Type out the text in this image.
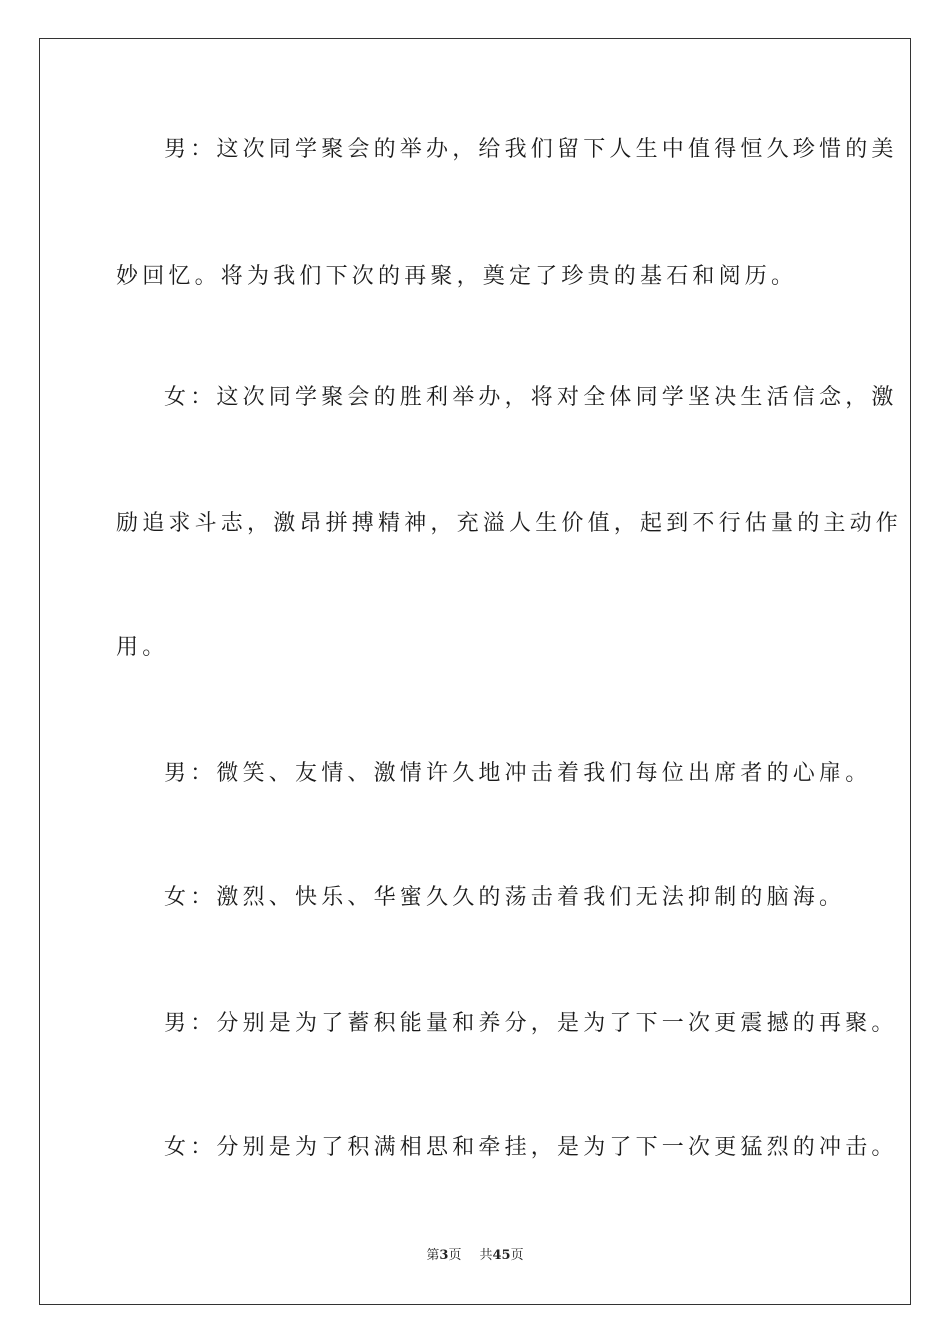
男：这次同学聚会的举办，给我们留下人生中值得恒久珍惜的美

妙回忆。将为我们下次的再聚，奠定了珍贵的基石和阅历。

女：这次同学聚会的胜利举办，将对全体同学坚决生活信念，激

励追求斗志，激昂拼搏精神，充溢人生价值，起到不行估量的主动作

用。

男：微笑、友情、激情许久地冲击着我们每位出席者的心扉。

女：激烈、快乐、华蜜久久的荡击着我们无法抑制的脑海。

男：分别是为了蓄积能量和养分，是为了下一次更震撼的再聚。

女：分别是为了积满相思和牵挂，是为了下一次更猛烈的冲击。

第3页 共45页
